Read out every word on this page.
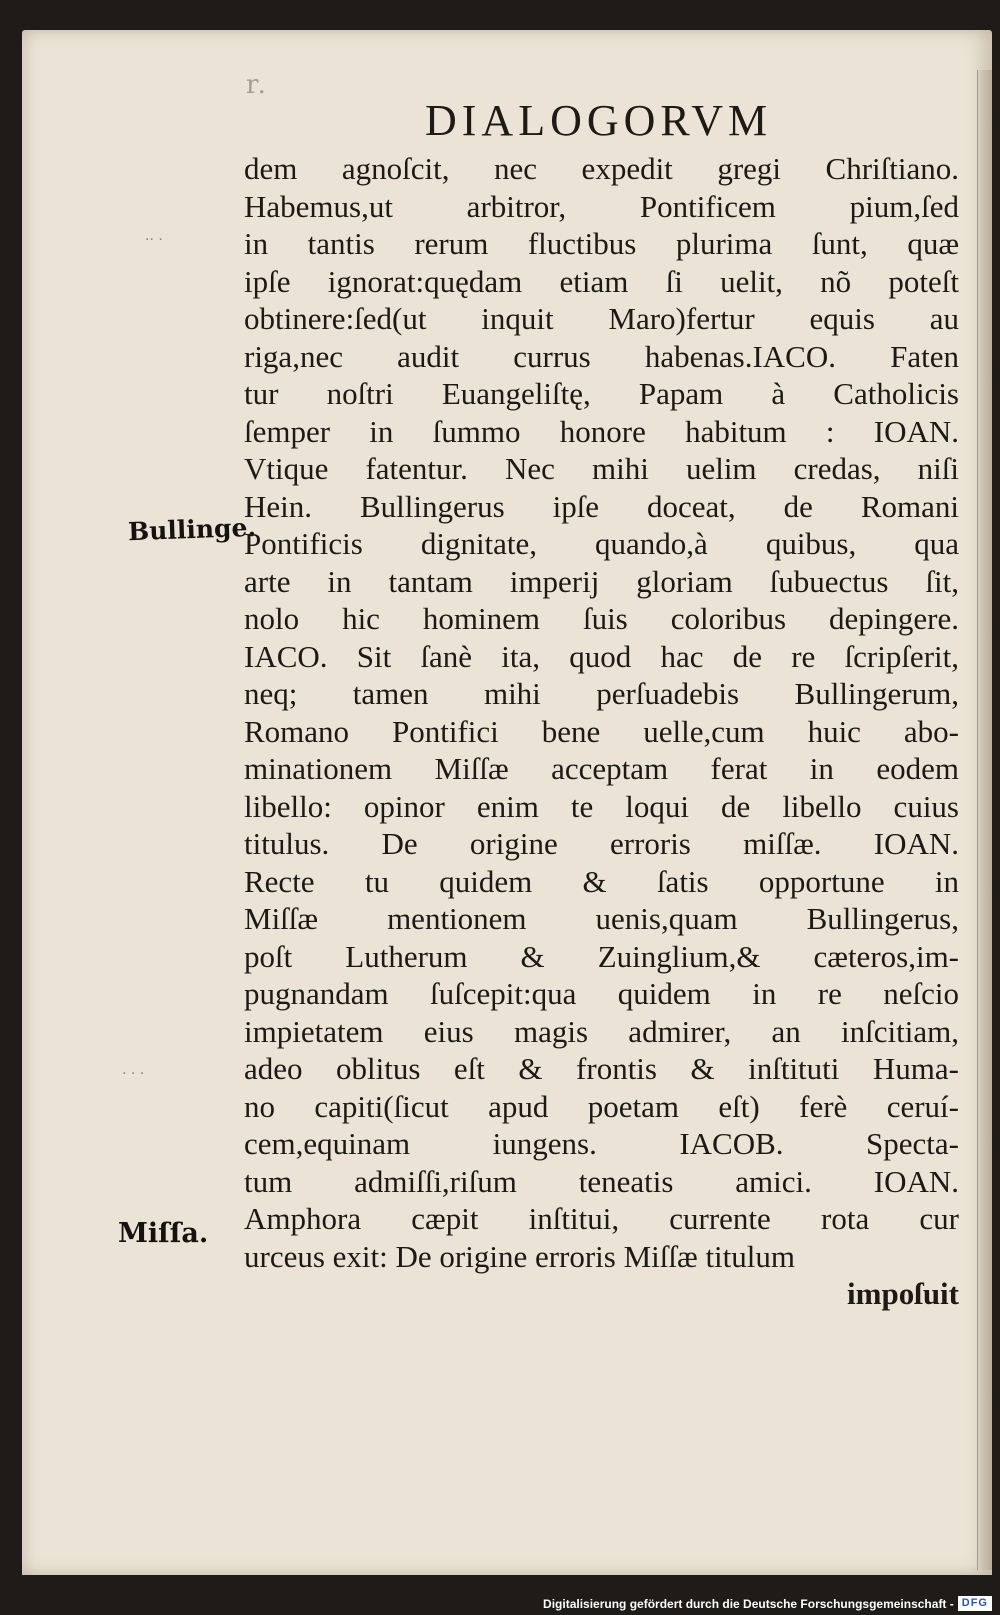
r.
DIALOGORVM
Bullinge.
Miſſa.
·· ·
· · ·
dem agnoſcit, nec expedit gregi Chriſtiano.
Habemus,ut arbitror, Pontificem pium,ſed
in tantis rerum fluctibus plurima ſunt, quæ
ipſe ignorat:quędam etiam ſi uelit, nõ poteſt
obtinere:ſed(ut inquit Maro)fertur equis au
riga,nec audit currus habenas.IACO. Faten
tur noſtri Euangeliſtę, Papam à Catholicis
ſemper in ſummo honore habitum : IOAN.
Vtique fatentur. Nec mihi uelim credas, niſi
Hein. Bullingerus ipſe doceat, de Romani
Pontificis dignitate, quando,à quibus, qua
arte in tantam imperij gloriam ſubuectus ſit,
nolo hic hominem ſuis coloribus depingere.
IACO. Sit ſanè ita, quod hac de re ſcripſerit,
neq; tamen mihi perſuadebis Bullingerum,
Romano Pontifici bene uelle,cum huic abo-
minationem Miſſæ acceptam ferat in eodem
libello: opinor enim te loqui de libello cuius
titulus. De origine erroris miſſæ. IOAN.
Recte tu quidem & ſatis opportune in
Miſſæ mentionem uenis,quam Bullingerus,
poſt Lutherum & Zuinglium,& cæteros,im-
pugnandam ſuſcepit:qua quidem in re neſcio
impietatem eius magis admirer, an inſcitiam,
adeo oblitus eſt & frontis & inſtituti Huma-
no capiti(ſicut apud poetam eſt) ferè ceruí-
cem,equinam iungens. IACOB. Specta-
tum admiſſi,riſum teneatis amici. IOAN.
Amphora cæpit inſtitui, currente rota cur
urceus exit: De origine erroris Miſſæ titulum
impoſuit
Digitalisierung gefördert durch die Deutsche Forschungsgemeinschaft - DFG
